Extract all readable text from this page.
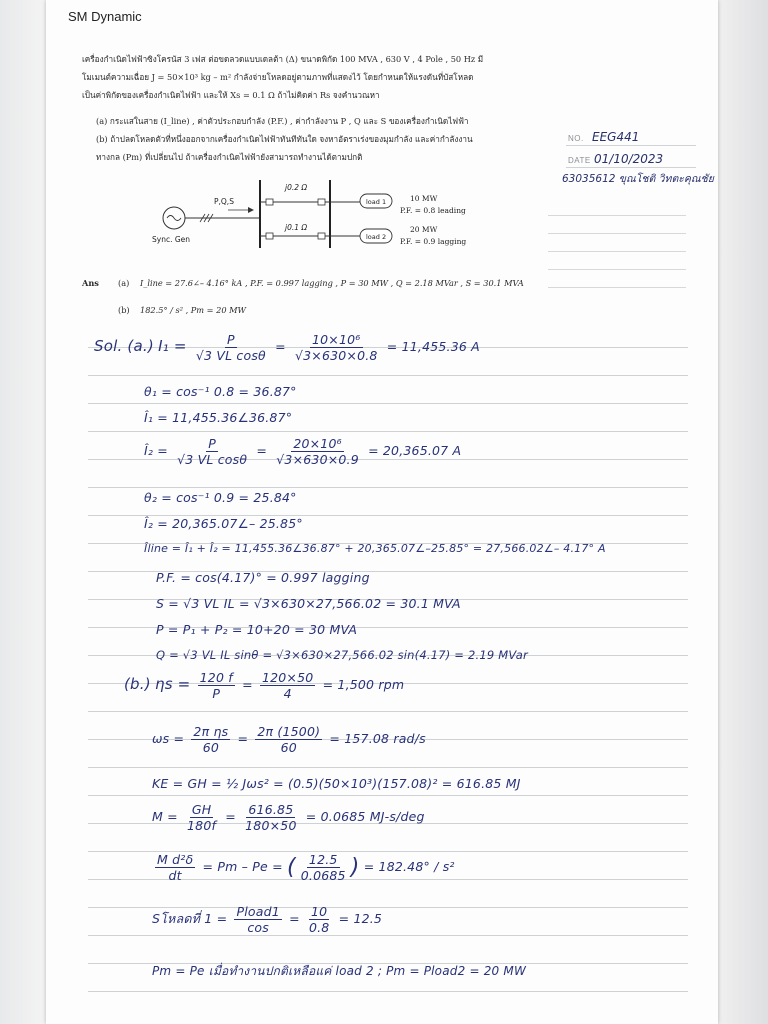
SM Dynamic

เครื่องกำเนิดไฟฟ้าซิงโครนัส 3 เฟส ต่อขดลวดแบบเดลต้า (Δ) ขนาดพิกัด 100 MVA , 630 V , 4 Pole , 50 Hz มี

โมเมนต์ความเฉื่อย J = 50×10³ kg – m² กำลังจ่ายโหลดอยู่ตามภาพที่แสดงไว้ โดยกำหนดให้แรงดันที่บัสโหลด

เป็นค่าพิกัดของเครื่องกำเนิดไฟฟ้า และให้ Xs = 0.1 Ω ถ้าไม่คิดค่า Rs จงคำนวณหา

(a) กระแสในสาย (I_line) , ค่าตัวประกอบกำลัง (P.F.) , ค่ากำลังงาน P , Q และ S ของเครื่องกำเนิดไฟฟ้า

(b) ถ้าปลดโหลดตัวที่หนึ่งออกจากเครื่องกำเนิดไฟฟ้าทันทีทันใด จงหาอัตราเร่งของมุมกำลัง และค่ากำลังงาน

ทางกล (Pm) ที่เปลี่ยนไป ถ้าเครื่องกำเนิดไฟฟ้ายังสามารถทำงานได้ตามปกติ

NO. EEG441
DATE 01/10/2023
63035612 ขุณโชติ วิทตะคุณชัย
P,Q,S
Sync. Gen
j0.2 Ω
j0.1 Ω
load 1
load 2
10 MW
P.F. = 0.8 leading
20 MW
P.F. = 0.9 lagging
Ans (a) I_line = 27.6∠– 4.16° kA , P.F. = 0.997 lagging , P = 30 MW , Q = 2.18 MVar , S = 30.1 MVA
(b) 182.5° / s² , Pm = 20 MW
Sol. (a.) $I_1 = \frac{P}{\text{√3 VL cosθ}} = \frac{\text{10×10⁶}}{√3\times 630\times 0.8} = 11,455.36$ A
θ₁ = cos⁻¹ 0.8 = 36.87°
Î₁ = 11,455.36∠36.87°
Î₂ = $\frac{P}{\text{√3 VL cosθ}} = \frac{\text{20×10⁶}}{√3\times 630\times 0.9} = 20,365.07$ A
θ₂ = cos⁻¹ 0.9 = 25.84°
Î₂ = 20,365.07∠– 25.85°
Îline = Î₁ + Î₂ = 11,455.36∠36.87° + 20,365.07∠–25.85° = 27,566.02∠– 4.17° A
P.F. = cos(4.17)° = 0.997 lagging
S = √3 VL IL = √3×630×27,566.02 = 30.1 MVA
P = P₁ + P₂ = 10+20 = 30 MVA
Q = √3 VL IL sinθ = √3×630×27,566.02 sin(4.17) = 2.19 MVar
(b.) $\eta s = \frac{120 f}{P} = \frac{120\times 50}{4} = 1,500$ rpm
$\omega s = \frac{\text{2π ηs}}{60} = \frac{2\pi (1500)}{60} = 157.08$ rad/s
KE = GH = ½ Jωs² = (0.5)(50×10³)(157.08)² = 616.85 MJ
$M = \frac{GH}{180f} = \frac{616.85}{180\times 50} = 0.0685$ MJ-s/deg
$\frac{\text{M d²δ}}{dt} = Pm - Pe$ = ( $\frac{12.5}{0.0685}$ ) = 182.48° / s²
Sโหลดที่ $1 = \frac{\text{Pload1}}{\cos} = \frac{10}{0.8} = 12.5$
Pm = Pe เมื่อทำงานปกติเหลือแค่ load 2 ; Pm = Pload2 = 20 MW
